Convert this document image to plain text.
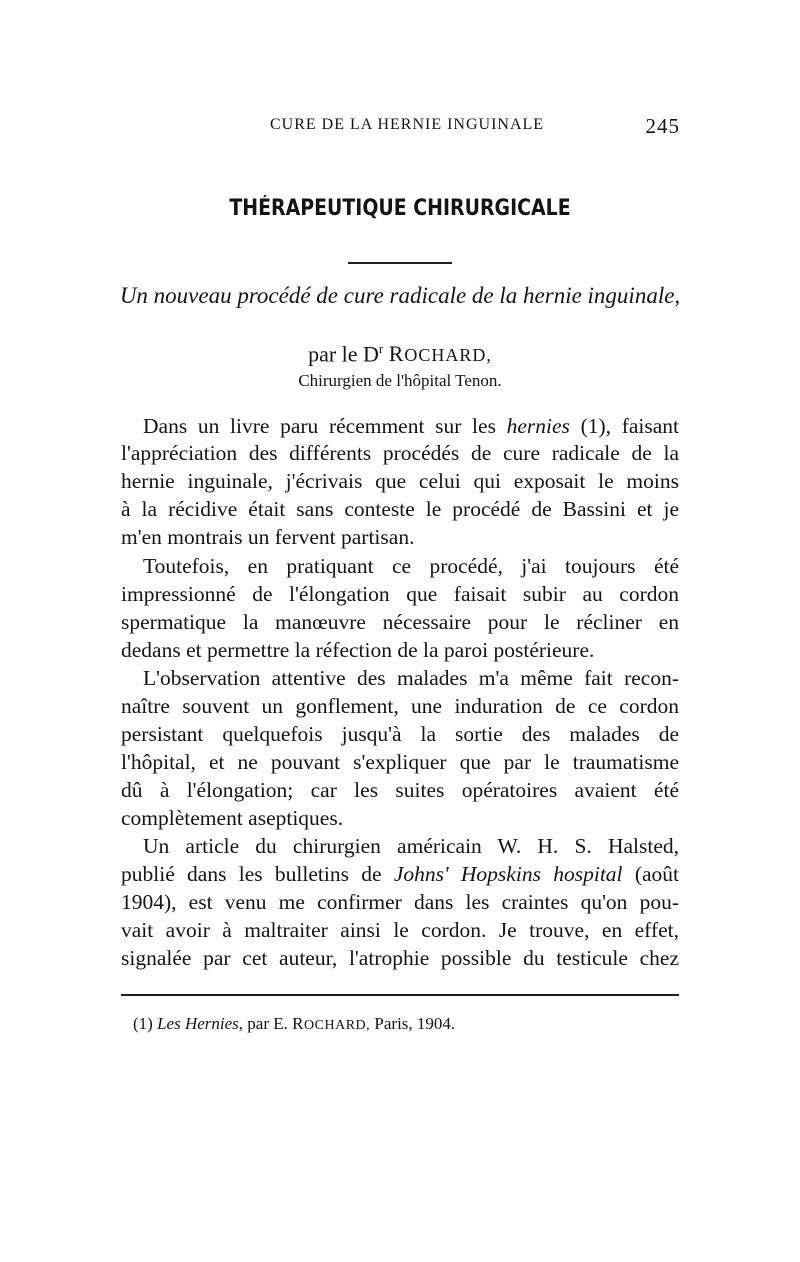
CURE DE LA HERNIE INGUINALE	245
THÉRAPEUTIQUE CHIRURGICALE
Un nouveau procédé de cure radicale de la hernie inguinale,
par le $D^r$ ROCHARD,
Chirurgien de l'hôpital Tenon.
Dans un livre paru récemment sur les hernies (1), faisant
l'appréciation des différents procédés de cure radicale de la
hernie inguinale, j'écrivais que celui qui exposait le moins
à la récidive était sans conteste le procédé de Bassini et je
m'en montrais un fervent partisan.
Toutefois, en pratiquant ce procédé, j'ai toujours été
impressionné de l'élongation que faisait subir au cordon
spermatique la manœuvre nécessaire pour le récliner en
dedans et permettre la réfection de la paroi postérieure.
L'observation attentive des malades m'a même fait recon-
naître souvent un gonflement, une induration de ce cordon
persistant quelquefois jusqu'à la sortie des malades de
l'hôpital, et ne pouvant s'expliquer que par le traumatisme
dû à l'élongation; car les suites opératoires avaient été
complètement aseptiques.
Un article du chirurgien américain W. H. S. Halsted,
publié dans les bulletins de Johns' Hopskins hospital (août
1904), est venu me confirmer dans les craintes qu'on pou-
vait avoir à maltraiter ainsi le cordon. Je trouve, en effet,
signalée par cet auteur, l'atrophie possible du testicule chez
(1) Les Hernies, par E. ROCHARD, Paris, 1904.
